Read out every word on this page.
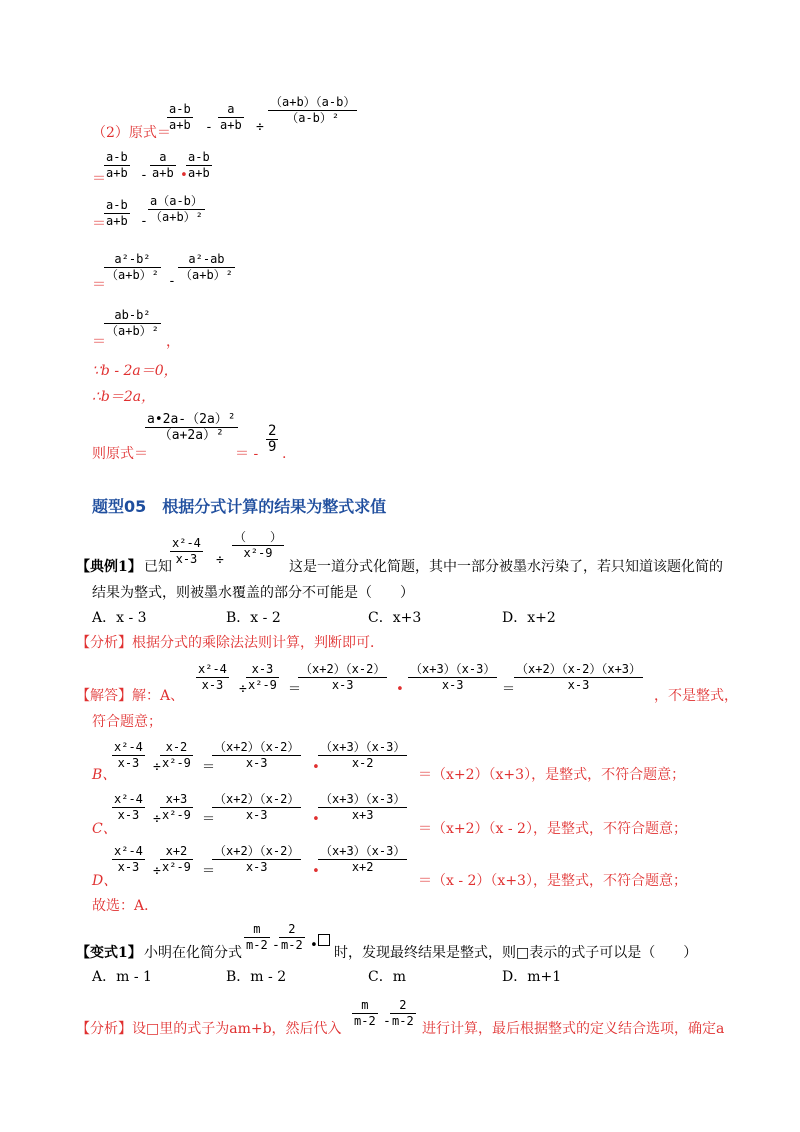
a-b
a+b
（2）原式＝	-
a
a+b ÷
（a+b）（a-b）
（a-b）²
＝
a-b
a+b -
a
a+b •
a-b
a+b
＝
a-b
a+b -
a（a-b）
（a+b）²
＝
a²-b²
（a+b）² -
a²-ab
（a+b）²
＝
ab-b²
（a+b）²
，
∵b - 2a＝0，
∴b＝2a，
则原式＝
a•2a-（2a）²
（a+2a）²
＝ -
2
9 .
题型05　根据分式计算的结果为整式求值
【典例1】 已知
x²-4
x-3	÷
（　　）
x²-9
这是一道分式化简题，其中一部分被墨水污染了，若只知道该题化简的
结果为整式，则被墨水覆盖的部分不可能是（　　）
A．x - 3	B．x - 2	C．x+3	D．x+2
【分析】根据分式的乘除法法则计算，判断即可．
【解答】解：A、
x²-4
x-3	÷
x-3
x²-9 ＝
（x+2）（x-2）
x-3	•
（x+3）（x-3）
x-3	＝
（x+2）（x-2）（x+3）
x-3
，不是整式，
符合题意；
B、
x²-4
x-3	÷
x-2
x²-9 ＝
（x+2）（x-2）
x-3	•
（x+3）（x-3）
x-2
＝（x+2）（x+3），是整式，不符合题意；
C、
x²-4
x-3	÷
x+3
x²-9 ＝
（x+2）（x-2）
x-3	•
（x+3）（x-3）
x+3
＝（x+2）（x - 2），是整式，不符合题意；
D、
x²-4
x-3	÷
x+2
x²-9 ＝
（x+2）（x-2）
x-3	•
（x+3）（x-3）
x+2
＝（x - 2）（x+3），是整式，不符合题意；
故选：A．
【变式1】 小明在化简分式
m
m-2 -
2
m-2 • 时，发现最终结果是整式，则□表示的式子可以是（　　）
A．m - 1	B．m - 2	C．m	D．m+1
【分析】设□里的式子为am+b，然后代入
m
m-2 -
2
m-2 进行计算，最后根据整式的定义结合选项，确定a
